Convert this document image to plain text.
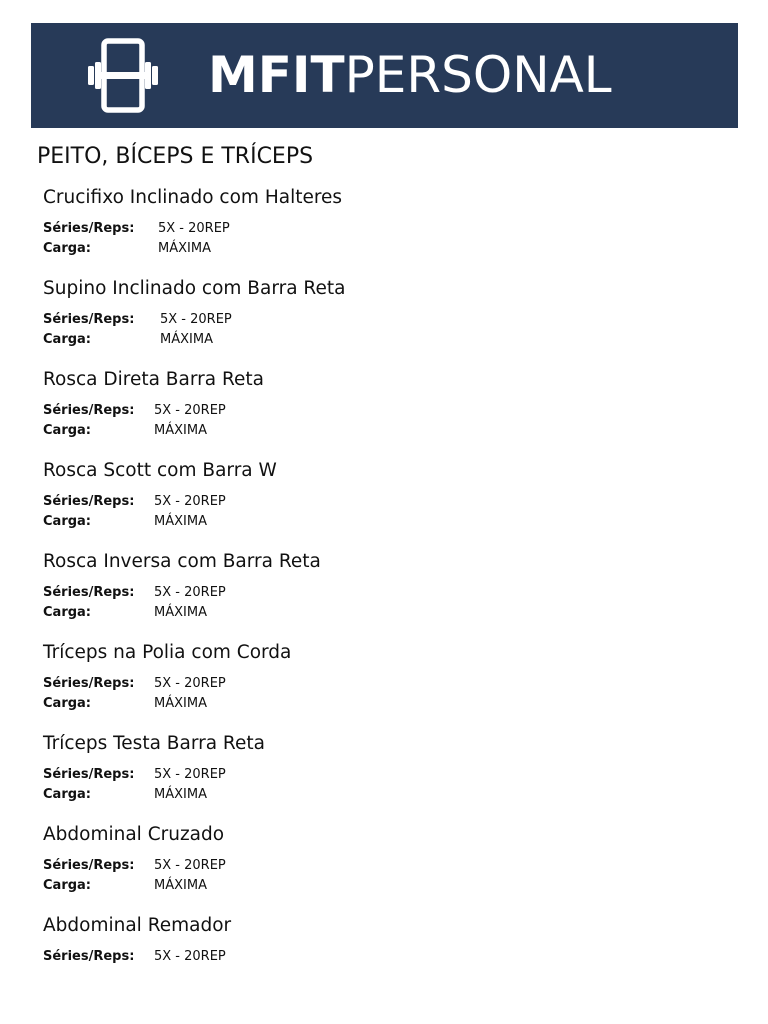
MFITPERSONAL
PEITO, BÍCEPS E TRÍCEPS
Crucifixo Inclinado com Halteres
Séries/Reps: 5X - 20REP
Carga:	MÁXIMA
Supino Inclinado com Barra Reta
Séries/Reps: 5X - 20REP
Carga:	MÁXIMA
Rosca Direta Barra Reta
Séries/Reps: 5X - 20REP
Carga:	MÁXIMA
Rosca Scott com Barra W
Séries/Reps: 5X - 20REP
Carga:	MÁXIMA
Rosca Inversa com Barra Reta
Séries/Reps: 5X - 20REP
Carga:	MÁXIMA
Tríceps na Polia com Corda
Séries/Reps: 5X - 20REP
Carga:	MÁXIMA
Tríceps Testa Barra Reta
Séries/Reps: 5X - 20REP
Carga:	MÁXIMA
Abdominal Cruzado
Séries/Reps: 5X - 20REP
Carga:	MÁXIMA
Abdominal Remador
Séries/Reps: 5X - 20REP
